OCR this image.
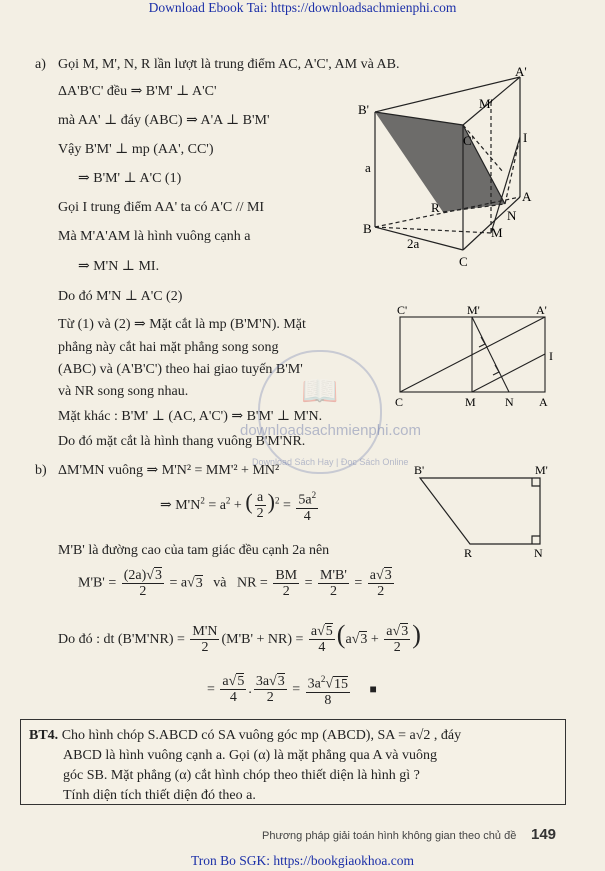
Download Ebook Tai: https://downloadsachmienphi.com
a) Gọi M, M', N, R lần lượt là trung điểm AC, A'C', AM và AB.
ΔA'B'C' đều ⇒ B'M' ⊥ A'C'
mà AA' ⊥ đáy (ABC) ⇒ A'A ⊥ B'M'
Vậy B'M' ⊥ mp (AA', CC')
⇒ B'M' ⊥ A'C (1)
Gọi I trung điểm AA' ta có A'C // MI
Mà M'A'AM là hình vuông cạnh a
⇒ M'N ⊥ MI.
Do đó M'N ⊥ A'C (2)
Từ (1) và (2) ⇒ Mặt cắt là mp (B'M'N). Mặt
phẳng này cắt hai mặt phẳng song song
(ABC) và (A'B'C') theo hai giao tuyến B'M'
và NR song song nhau.
Mặt khác : B'M' ⊥ (AC, A'C') ⇒ B'M' ⊥ M'N.
Do đó mặt cắt là hình thang vuông B'M'NR.
📖
downloadsachmienphi.com
Download Sách Hay | Đọc Sách Online
b) ΔM'MN vuông ⇒ M'N² = MM'² + MN²
⇒ $M'N^2 = a^2$ + ( $\frac{a}{2} )^2 = \frac{5a^2}{4}$
M'B' là đường cao của tam giác đều cạnh 2a nên
$M'B' = \frac{(2a)√3}{2} = a√3$   và   NR = $\frac{BM}{2} = \frac{M'B'}{2} = \frac{a√3}{2}$
Do đó : dt $(B'M'NR) = \frac{M'N}{2} (M'B' + NR) = \frac{a√5}{4} (a√3 + \frac{a√3}{2}$ )
= $\frac{a√5}{4}$ . $\frac{3a√3}{2} = \frac{3a^2√15}{8}$ ■
A'
B'
C'
M'
I
A
N
R
M
B
C
a
2a
C'	M'	A'
I
C	M N A
B'	M'
R	N
BT4. Cho hình chóp S.ABCD có SA vuông góc mp (ABCD), SA = a√2 , đáy
ABCD là hình vuông cạnh a. Gọi (α) là mặt phẳng qua A và vuông
góc SB. Mặt phẳng (α) cắt hình chóp theo thiết diện là hình gì ?
Tính diện tích thiết diện đó theo a.
Phương pháp giải toán hình không gian theo chủ đề 149
Tron Bo SGK: https://bookgiaokhoa.com
